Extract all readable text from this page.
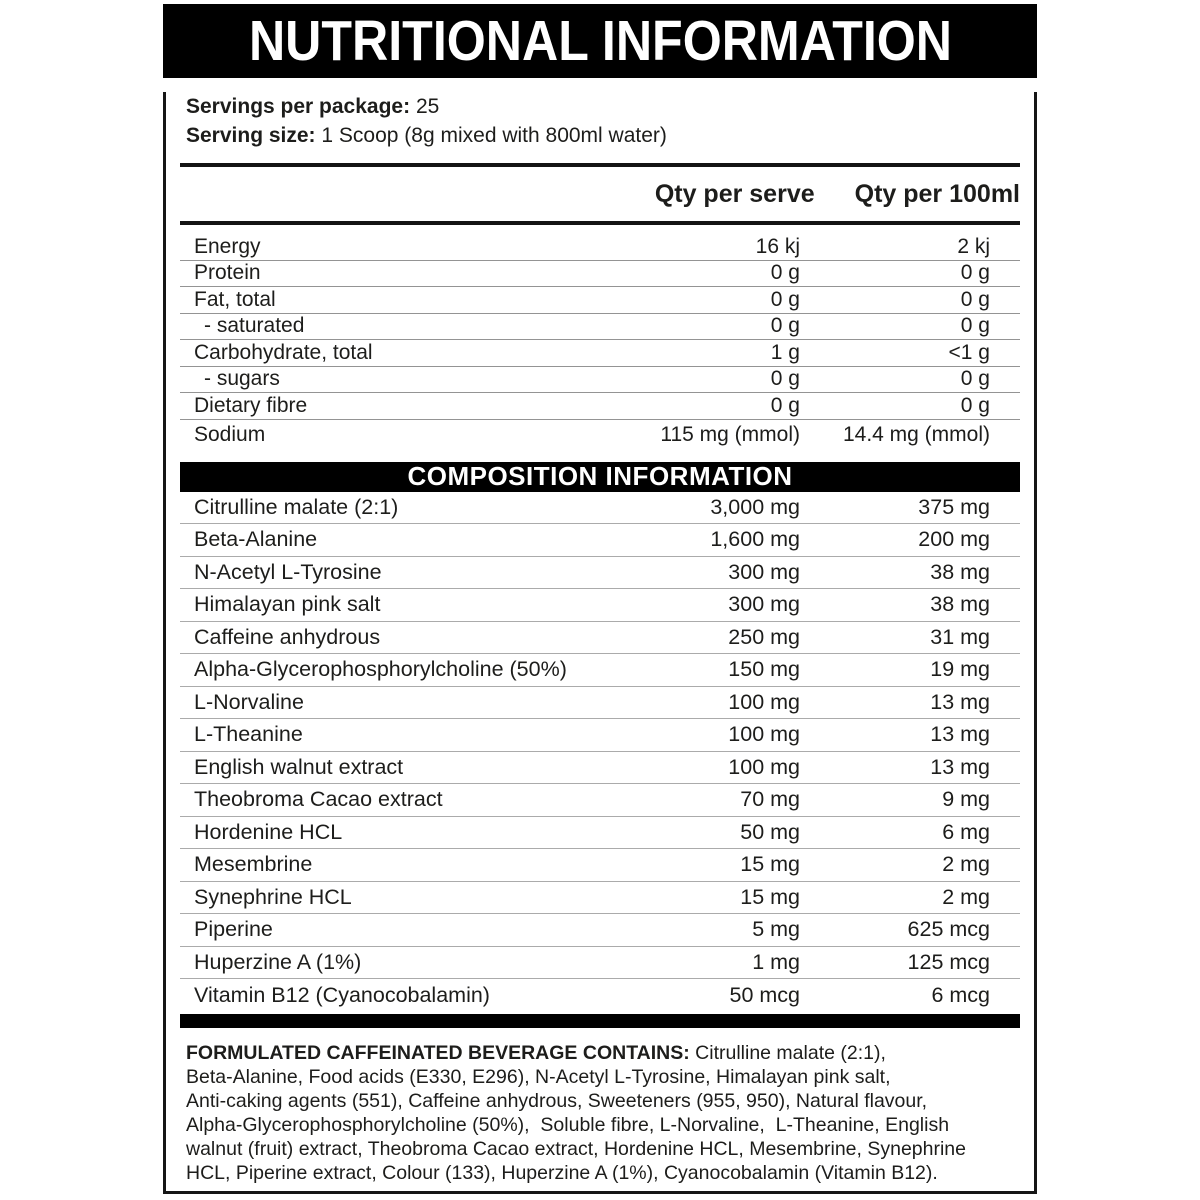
NUTRITIONAL INFORMATION
Servings per package: 25
Serving size: 1 Scoop (8g mixed with 800ml water)
Qty per serve Qty per 100ml
Energy	16 kj	2 kj
Protein	0 g	0 g
Fat, total	0 g	0 g
- saturated	0 g	0 g
Carbohydrate, total	1 g	<1 g
- sugars	0 g	0 g
Dietary fibre	0 g	0 g
Sodium	115 mg (mmol)	14.4 mg (mmol)
COMPOSITION INFORMATION
Citrulline malate (2:1)	3,000 mg	375 mg
Beta-Alanine	1,600 mg	200 mg
N-Acetyl L-Tyrosine	300 mg	38 mg
Himalayan pink salt	300 mg	38 mg
Caffeine anhydrous	250 mg	31 mg
Alpha-Glycerophosphorylcholine (50%)	150 mg	19 mg
L-Norvaline	100 mg	13 mg
L-Theanine	100 mg	13 mg
English walnut extract	100 mg	13 mg
Theobroma Cacao extract	70 mg	9 mg
Hordenine HCL	50 mg	6 mg
Mesembrine	15 mg	2 mg
Synephrine HCL	15 mg	2 mg
Piperine	5 mg	625 mcg
Huperzine A (1%)	1 mg	125 mcg
Vitamin B12 (Cyanocobalamin)	50 mcg	6 mcg
FORMULATED CAFFEINATED BEVERAGE CONTAINS: Citrulline malate (2:1),
Beta-Alanine, Food acids (E330, E296), N-Acetyl L-Tyrosine, Himalayan pink salt,
Anti-caking agents (551), Caffeine anhydrous, Sweeteners (955, 950), Natural flavour,
Alpha-Glycerophosphorylcholine (50%),  Soluble fibre, L-Norvaline,  L-Theanine, English
walnut (fruit) extract, Theobroma Cacao extract, Hordenine HCL, Mesembrine, Synephrine
HCL, Piperine extract, Colour (133), Huperzine A (1%), Cyanocobalamin (Vitamin B12).
